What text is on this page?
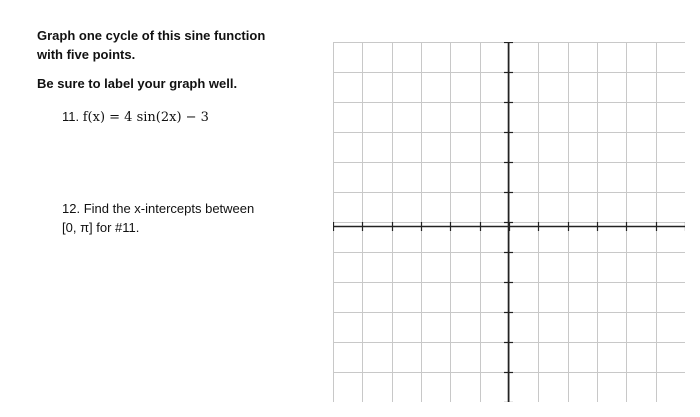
Graph one cycle of this sine function
with five points.
Be sure to label your graph well.
11. f(x) = 4 sin(2x) − 3
12. Find the x-intercepts between
[0, π] for #11.
